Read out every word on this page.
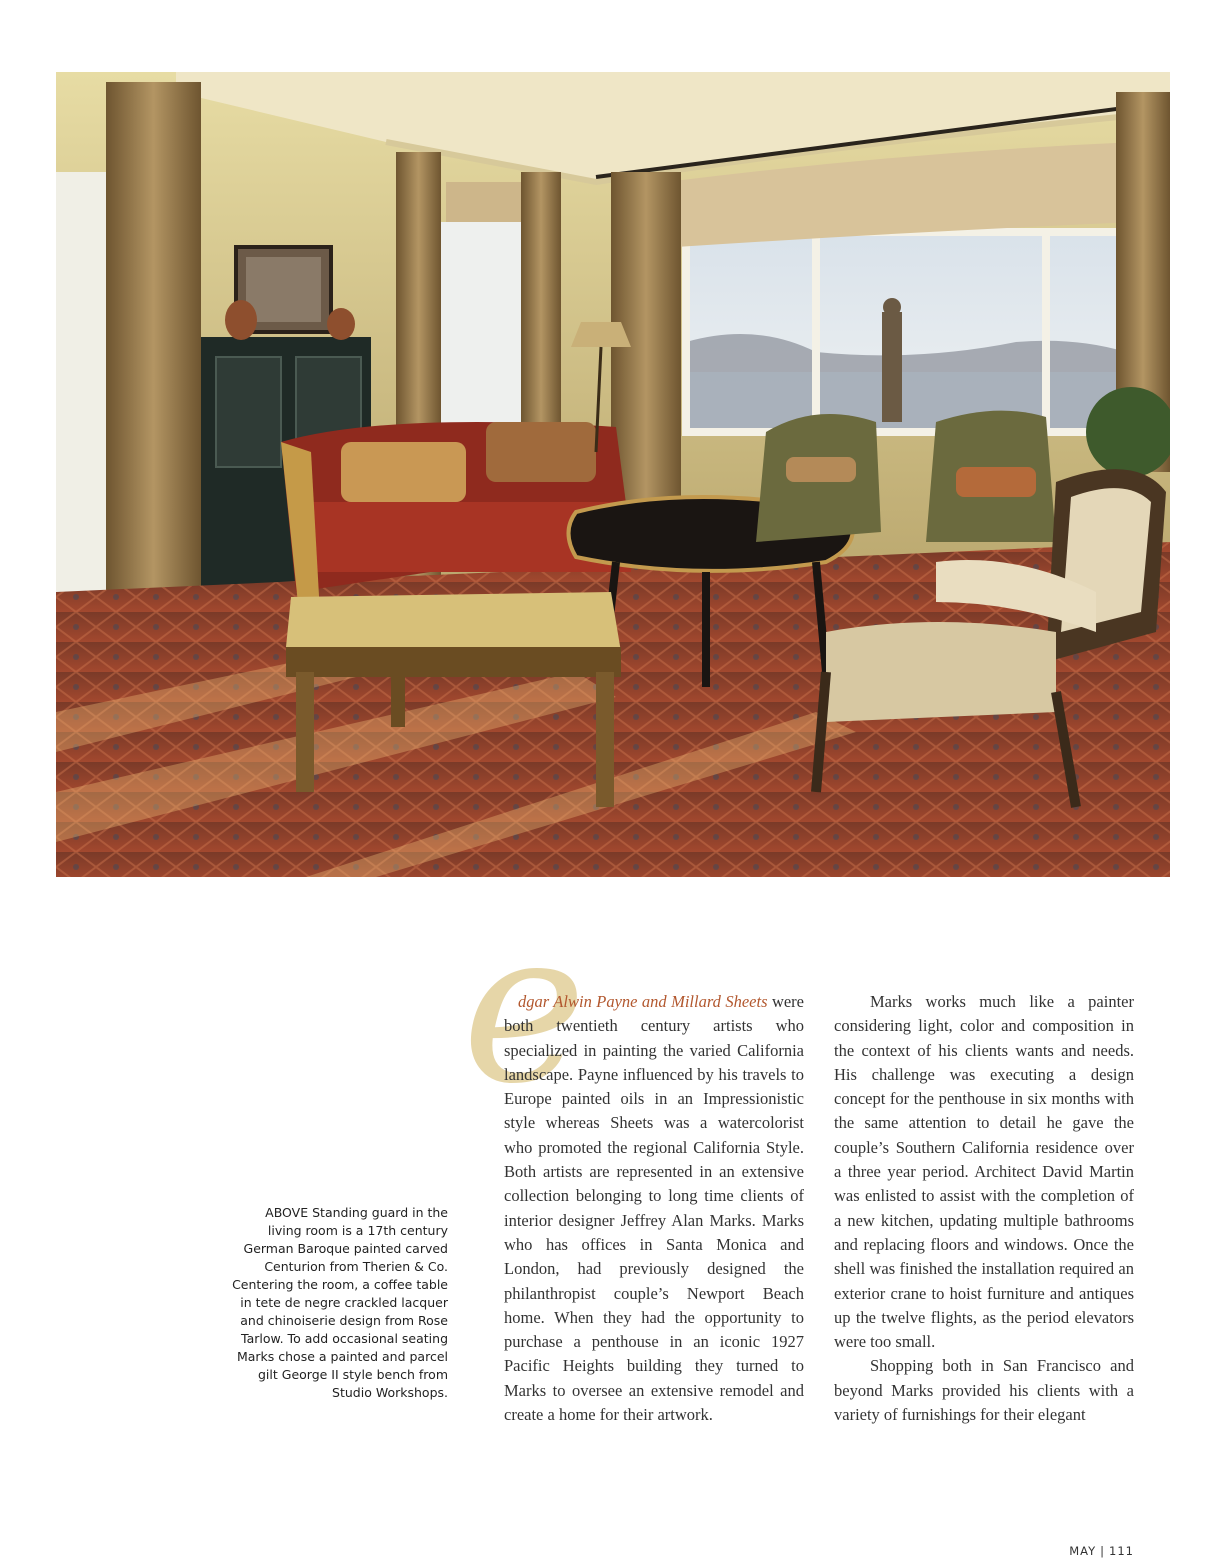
ABOVE Standing guard in the living room is a 17th century German Baroque painted carved Centurion from Therien & Co. Centering the room, a coffee table in tete de negre crackled lacquer and chinoiserie design from Rose Tarlow. To add occasional seating Marks chose a painted and parcel gilt George II style bench from Studio Workshops.
e

dgar Alwin Payne and Millard Sheets were both twentieth century artists who specialized in painting the varied California landscape. Payne influenced by his travels to Europe painted oils in an Impressionistic style whereas Sheets was a watercolorist who promoted the regional California Style. Both artists are represented in an extensive collection belonging to long time clients of interior designer Jeffrey Alan Marks. Marks who has offices in Santa Monica and London, had previously designed the philanthropist couple’s Newport Beach home. When they had the opportunity to purchase a penthouse in an iconic 1927 Pacific Heights building they turned to Marks to oversee an extensive remodel and create a home for their artwork.

Marks works much like a painter considering light, color and composition in the context of his clients wants and needs. His challenge was executing a design concept for the penthouse in six months with the same attention to detail he gave the couple’s Southern California residence over a three year period. Architect David Martin was enlisted to assist with the completion of a new kitchen, updating multiple bathrooms and replacing floors and windows. Once the shell was finished the installation required an exterior crane to hoist furniture and antiques up the twelve flights, as the period elevators were too small.

Shopping both in San Francisco and beyond Marks provided his clients with a variety of furnishings for their elegant

MAY | 111
